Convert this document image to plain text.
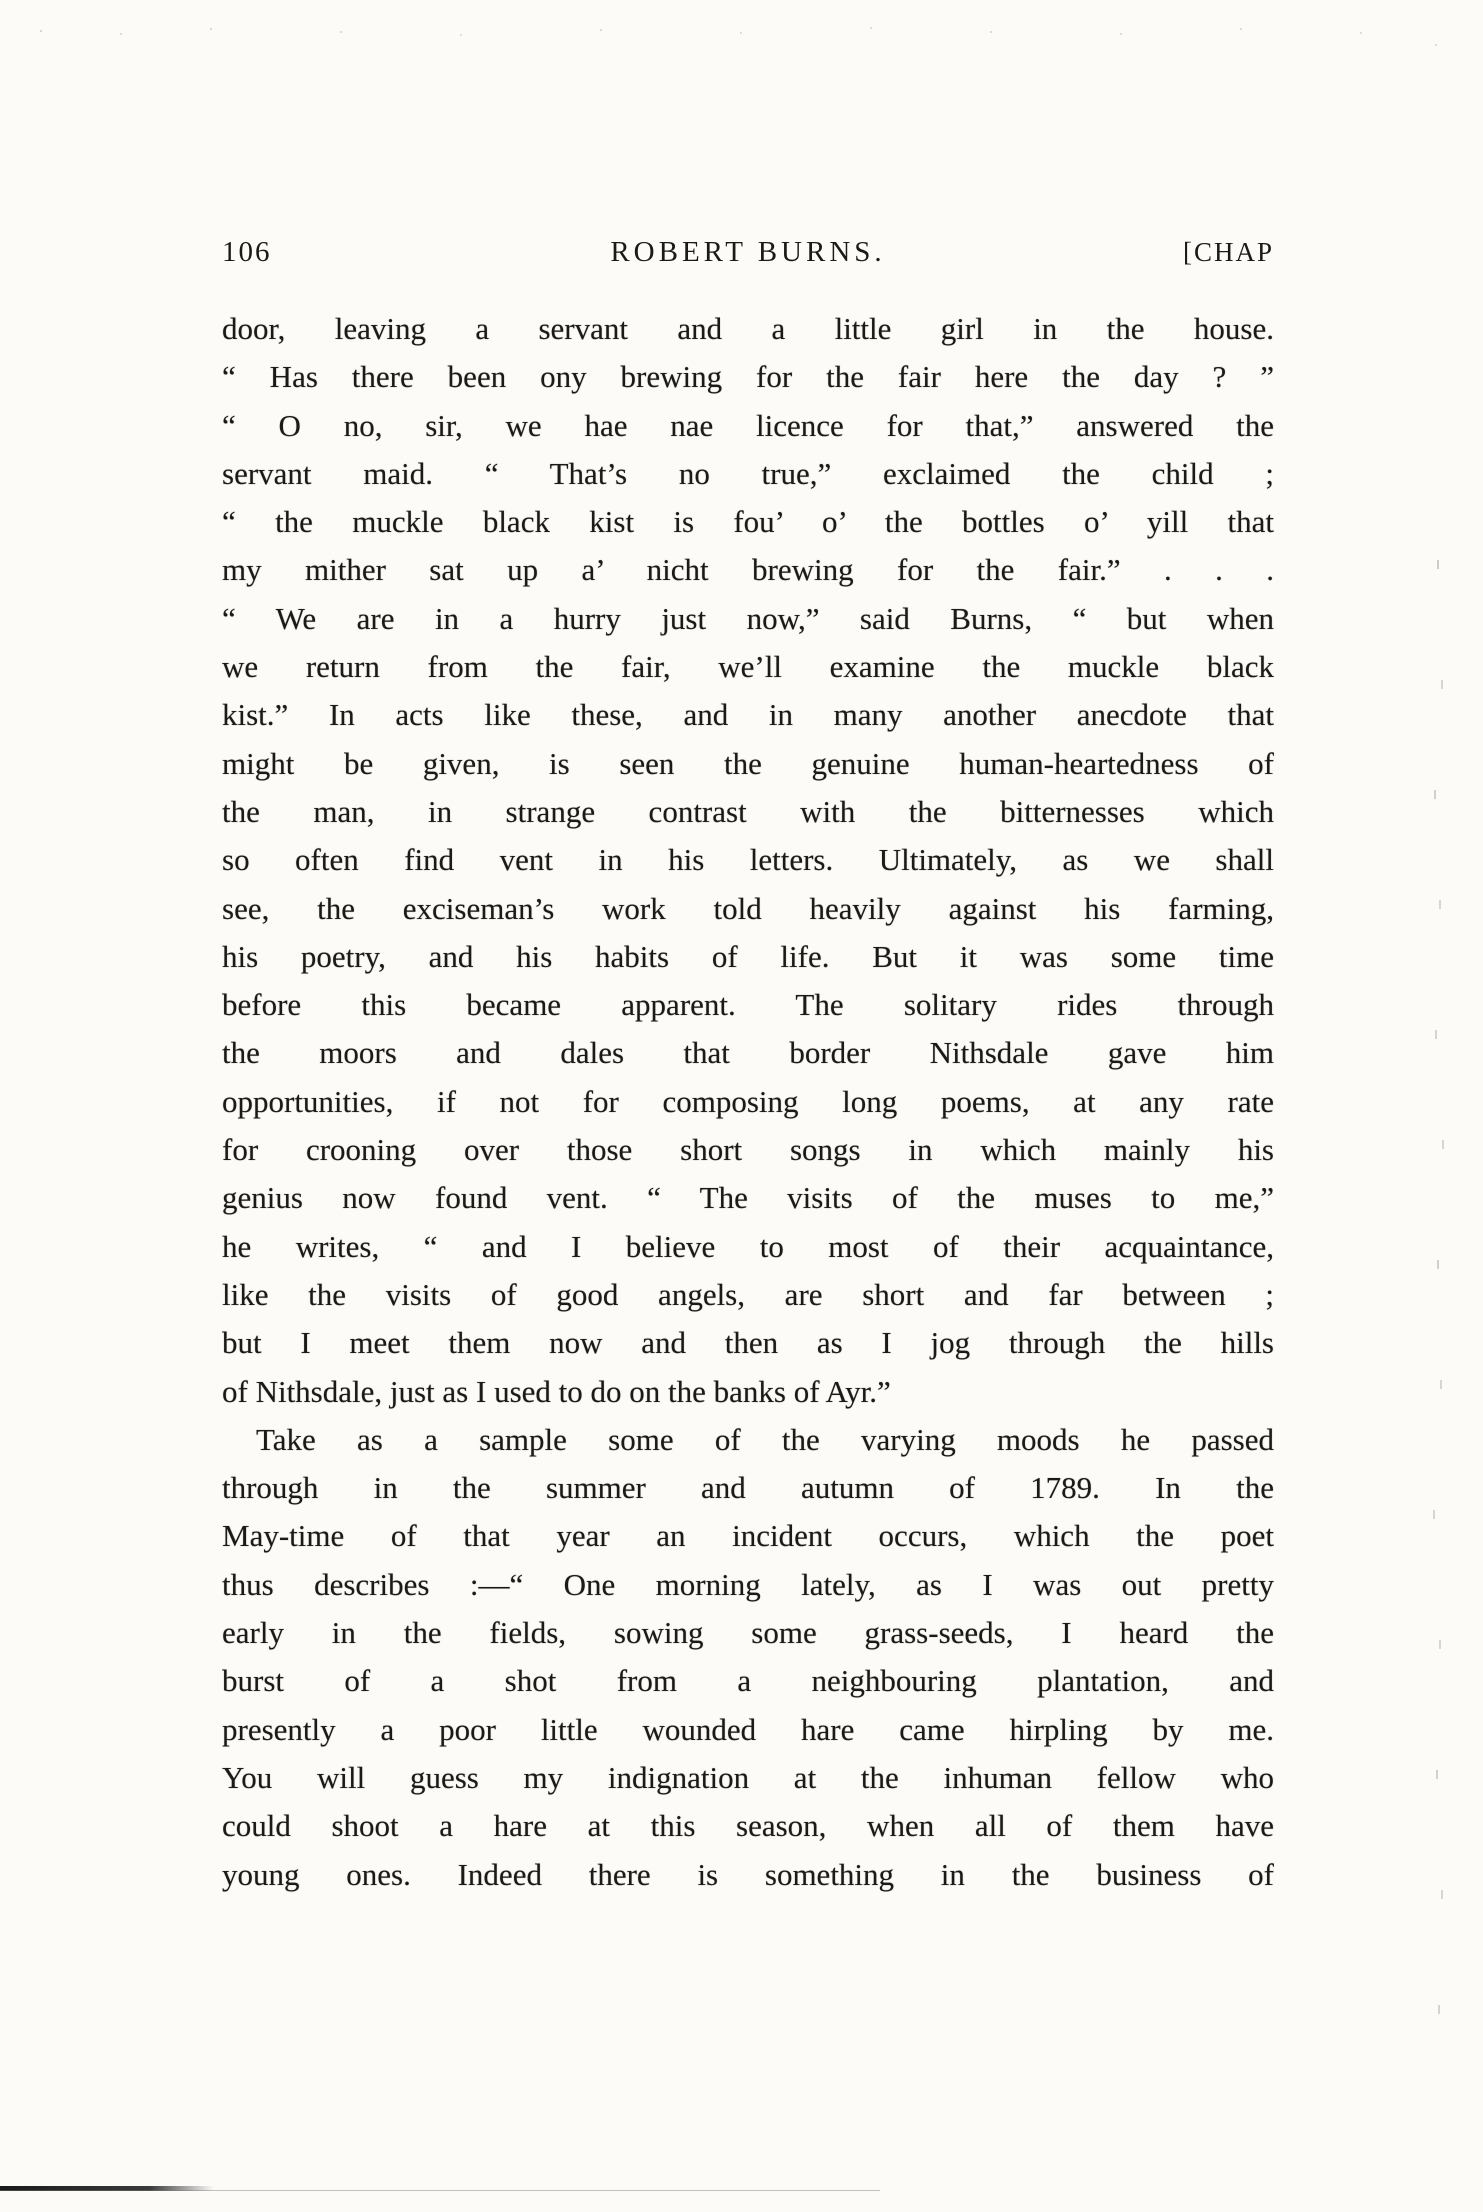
106	ROBERT BURNS.	[CHAP
door, leaving a servant and a little girl in the house.
“ Has there been ony brewing for the fair here the day ? ”
“ O no, sir, we hae nae licence for that,” answered the
servant maid. “ That’s no true,” exclaimed the child ;
“ the muckle black kist is fou’ o’ the bottles o’ yill that
my mither sat up a’ nicht brewing for the fair.” . . .
“ We are in a hurry just now,” said Burns, “ but when
we return from the fair, we’ll examine the muckle black
kist.” In acts like these, and in many another anecdote that
might be given, is seen the genuine human-heartedness of
the man, in strange contrast with the bitternesses which
so often find vent in his letters. Ultimately, as we shall
see, the exciseman’s work told heavily against his farming,
his poetry, and his habits of life. But it was some time
before this became apparent. The solitary rides through
the moors and dales that border Nithsdale gave him
opportunities, if not for composing long poems, at any rate
for crooning over those short songs in which mainly his
genius now found vent. “ The visits of the muses to me,”
he writes, “ and I believe to most of their acquaintance,
like the visits of good angels, are short and far between ;
but I meet them now and then as I jog through the hills
of Nithsdale, just as I used to do on the banks of Ayr.”
Take as a sample some of the varying moods he passed
through in the summer and autumn of 1789. In the
May-time of that year an incident occurs, which the poet
thus describes :—“ One morning lately, as I was out pretty
early in the fields, sowing some grass-seeds, I heard the
burst of a shot from a neighbouring plantation, and
presently a poor little wounded hare came hirpling by me.
You will guess my indignation at the inhuman fellow who
could shoot a hare at this season, when all of them have
young ones. Indeed there is something in the business of
